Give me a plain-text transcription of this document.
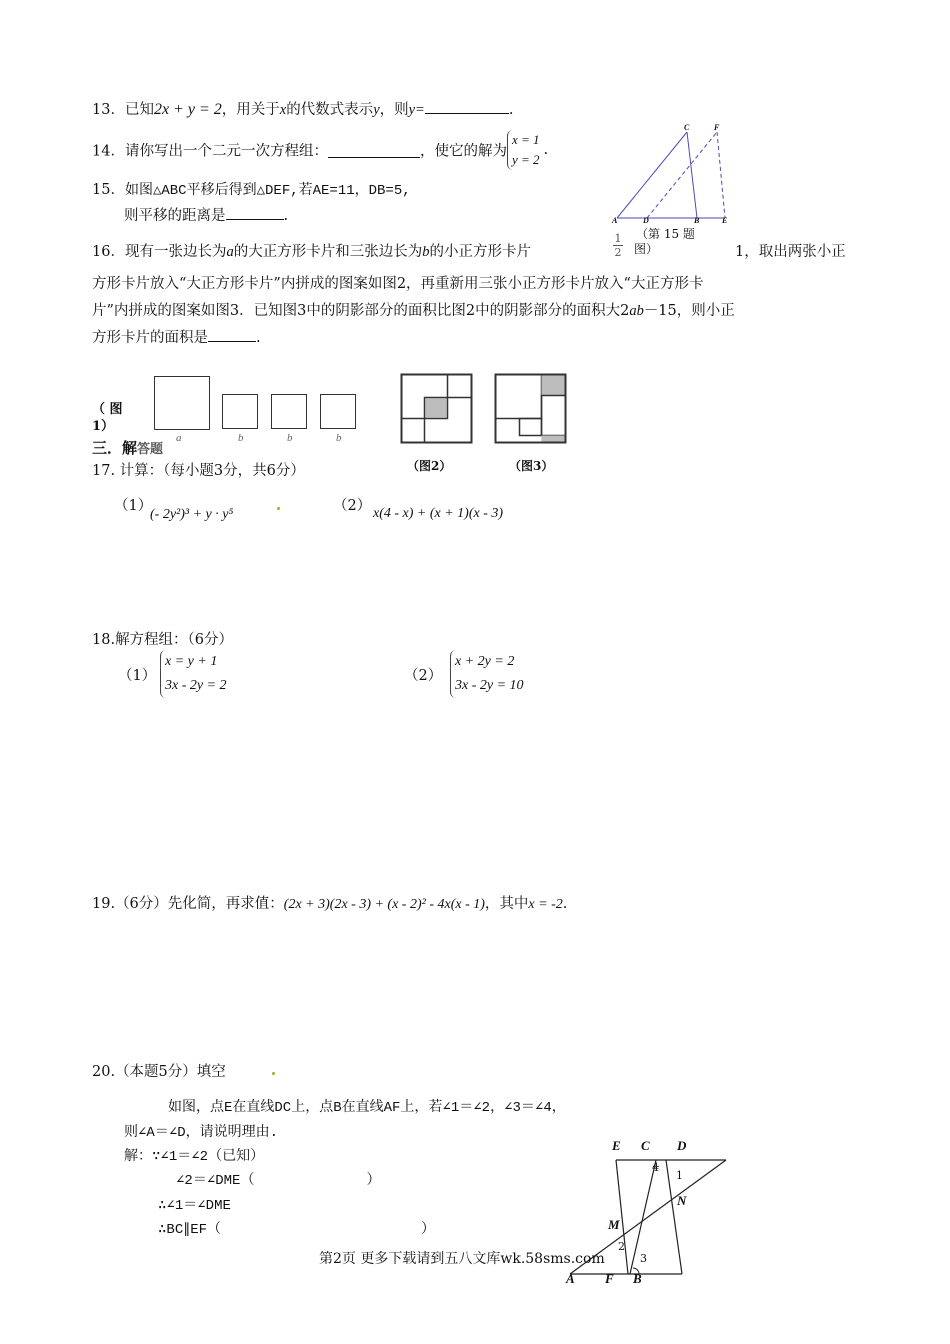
13．已知2x + y = 2，用关于x的代数式表示y，则y=	.
14．请你写出一个二元一次方程组：	，使它的解为
x = 1
y = 2
.
A	D	B	E
C	F
（第 15 题
15．如图△ABC平移后得到△DEF,若AE=11，DB=5,
则平移的距离是	.
16．现有一张边长为a的大正方形卡片和三张边长为b的小正方形卡片
1
2 图）	1，取出两张小正
方形卡片放入“大正方形卡片”内拼成的图案如图2，再重新用三张小正方形卡片放入“大正方形卡
片”内拼成的图案如图3．已知图3中的阴影部分的面积比图2中的阴影部分的面积大2ab－15，则小正
方形卡片的面积是	.
（ 图
1）
a	b	b	b
（图2）	（图3）
三．解答题
17. 计算：（每小题3分，共6分）
（1）
(- 2y²)³ + y · y⁵
（2） x(4 - x) + (x + 1)(x - 3)
18.解方程组：（6分）
（1）
x = y + 1
3x - 2y = 2
（2）
x + 2y = 2
3x - 2y = 10
19.（6分）先化简，再求值：(2x + 3)(2x - 3) + (x - 2)² - 4x(x - 1)，其中x = -2.
20.（本题5分）填空
如图，点E在直线DC上，点B在直线AF上，若∠1＝∠2，∠3＝∠4，
则∠A＝∠D，请说明理由.
解：∵∠1＝∠2（已知）
∠2＝∠DME（	）
∴∠1＝∠DME
∴BC∥EF（	）
E C D
M
N
A F B
1
2
3
4
第2页 更多下载请到五八文库wk.58sms.com
